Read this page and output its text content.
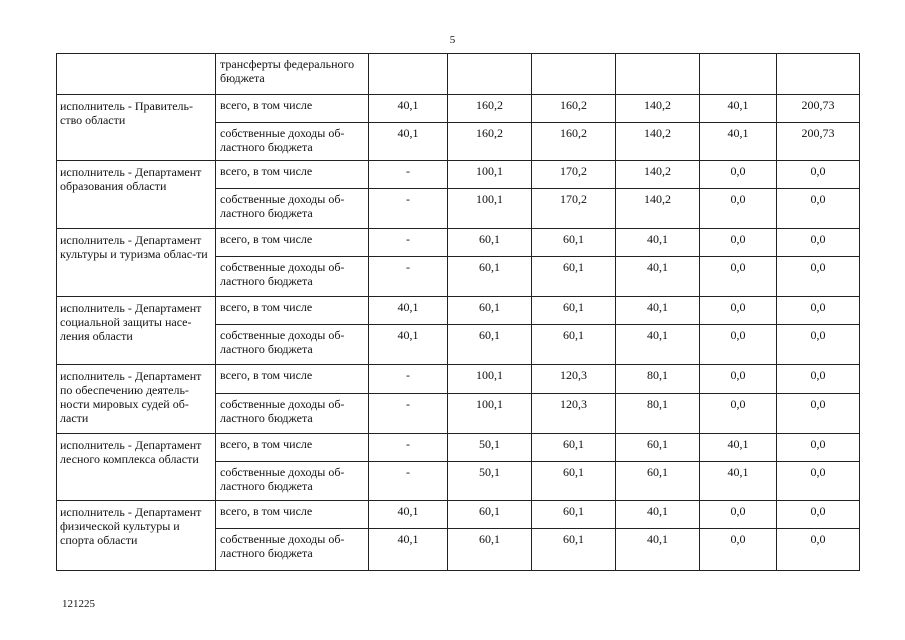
5
	трансферты федерального бюджета						
исполнитель - Правитель-ство области	всего, в том числе	40,1	160,2	160,2	140,2	40,1	200,73
	собственные доходы об-ластного бюджета	40,1	160,2	160,2	140,2	40,1	200,73
исполнитель - Департамент образования области	всего, в том числе	-	100,1	170,2	140,2	0,0	0,0
	собственные доходы об-ластного бюджета	-	100,1	170,2	140,2	0,0	0,0
исполнитель - Департамент культуры и туризма облас-ти	всего, в том числе	-	60,1	60,1	40,1	0,0	0,0
	собственные доходы об-ластного бюджета	-	60,1	60,1	40,1	0,0	0,0
исполнитель - Департамент социальной защиты насе-ления области	всего, в том числе	40,1	60,1	60,1	40,1	0,0	0,0
	собственные доходы об-ластного бюджета	40,1	60,1	60,1	40,1	0,0	0,0
исполнитель - Департамент по обеспечению деятель-ности мировых судей об-ласти	всего, в том числе	-	100,1	120,3	80,1	0,0	0,0
	собственные доходы об-ластного бюджета	-	100,1	120,3	80,1	0,0	0,0
исполнитель - Департамент лесного комплекса области	всего, в том числе	-	50,1	60,1	60,1	40,1	0,0
	собственные доходы об-ластного бюджета	-	50,1	60,1	60,1	40,1	0,0
исполнитель - Департамент физической культуры и спорта области	всего, в том числе	40,1	60,1	60,1	40,1	0,0	0,0
	собственные доходы об-ластного бюджета	40,1	60,1	60,1	40,1	0,0	0,0
121225
